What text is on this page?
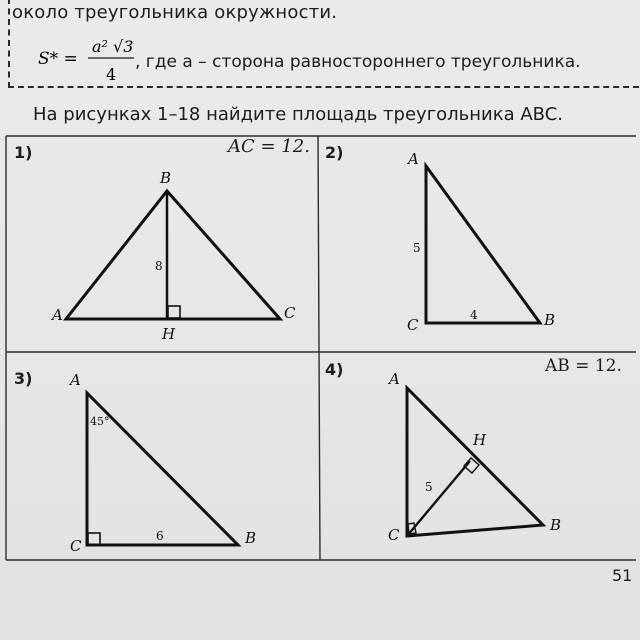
около треугольника окружности.
S* =
a² √3
4
, где a – сторона равностороннего треугольника.
На рисунках 1–18 найдите площадь треугольника ABC.
B
A	C
H
8
A
C	B
5
4
A
C	B
45°
6
A
H
C
B
5
1)	AC = 12. 2)
3)	4)	AB = 12.
51
